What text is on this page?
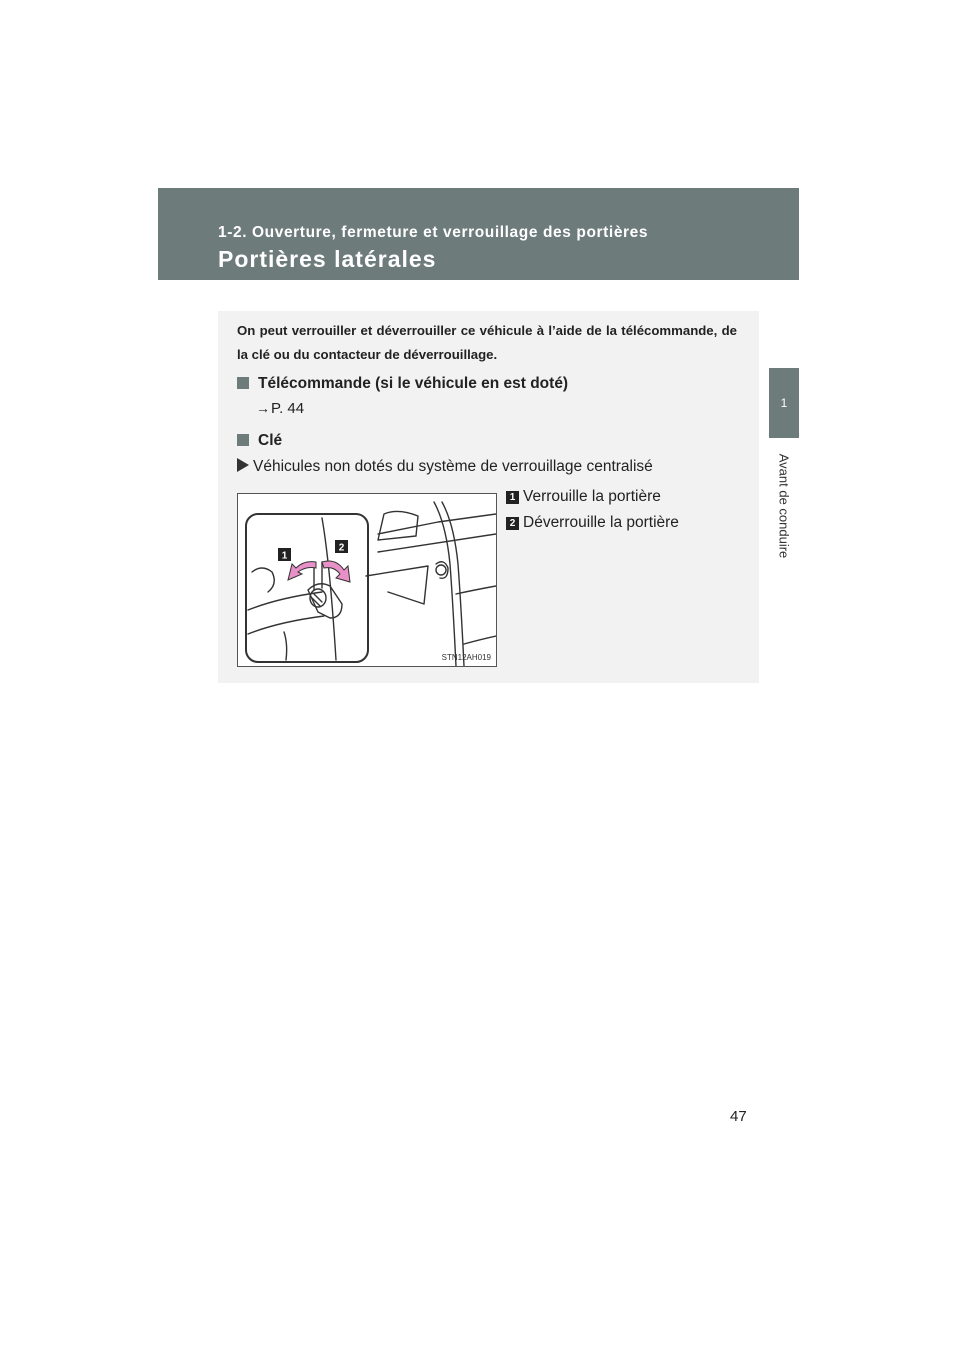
1-2. Ouverture, fermeture et verrouillage des portières
Portières latérales
1
Avant de conduire
On peut verrouiller et déverrouiller ce véhicule à l’aide de la télécommande, de la clé ou du contacteur de déverrouillage.
Télécommande (si le véhicule en est doté)
→P. 44
Clé
Véhicules non dotés du système de verrouillage centralisé
1
2
STN12AH019
1 Verrouille la portière
2 Déverrouille la portière
47
